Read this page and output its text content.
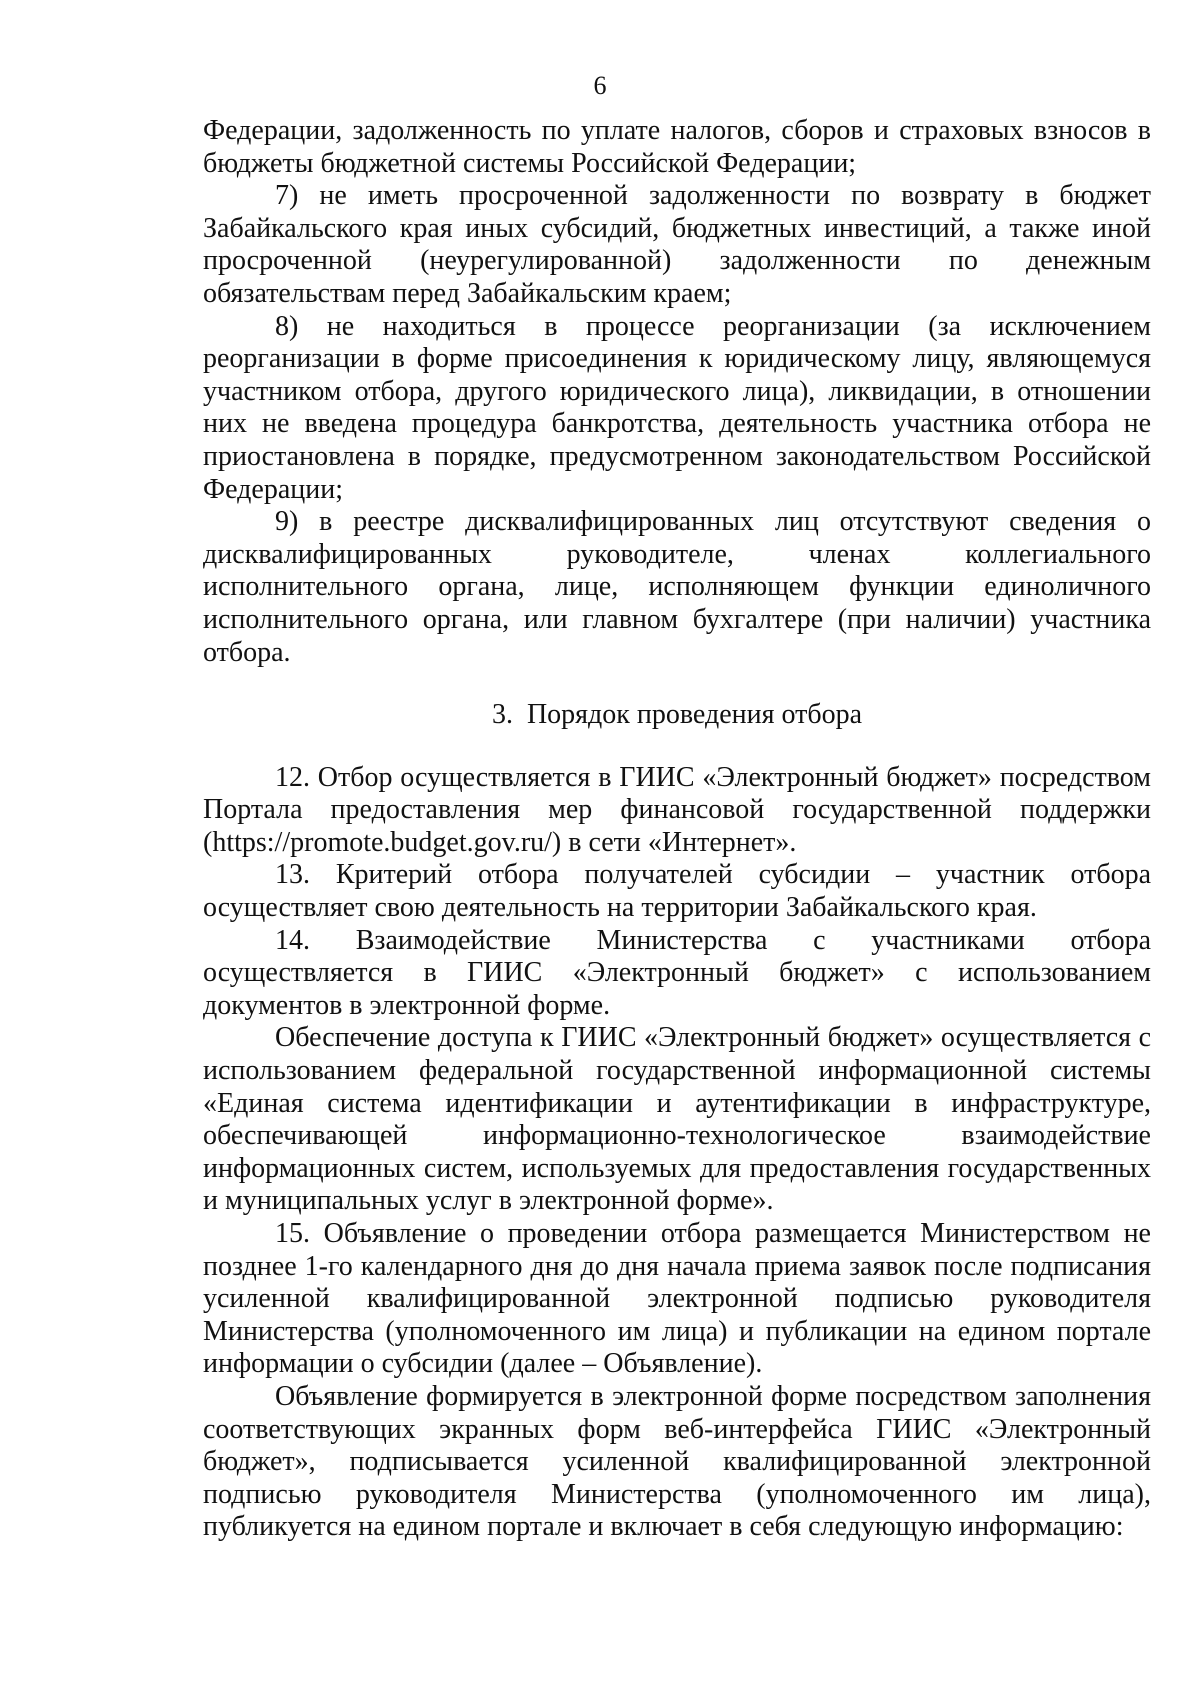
6

Федерации, задолженность по уплате налогов, сборов и страховых взносов в бюджеты бюджетной системы Российской Федерации;

7) не иметь просроченной задолженности по возврату в бюджет Забайкальского края иных субсидий, бюджетных инвестиций, а также иной просроченной (неурегулированной) задолженности по денежным обязательствам перед Забайкальским краем;

8) не находиться в процессе реорганизации (за исключением реорганизации в форме присоединения к юридическому лицу, являющемуся участником отбора, другого юридического лица), ликвидации, в отношении них не введена процедура банкротства, деятельность участника отбора не приостановлена в порядке, предусмотренном законодательством Российской Федерации;

9) в реестре дисквалифицированных лиц отсутствуют сведения о дисквалифицированных руководителе, членах коллегиального исполнительного органа, лице, исполняющем функции единоличного исполнительного органа, или главном бухгалтере (при наличии) участника отбора.

3. Порядок проведения отбора

12. Отбор осуществляется в ГИИС «Электронный бюджет» посредством Портала предоставления мер финансовой государственной поддержки (https://promote.budget.gov.ru/) в сети «Интернет».

13. Критерий отбора получателей субсидии – участник отбора осуществляет свою деятельность на территории Забайкальского края.

14. Взаимодействие Министерства с участниками отбора осуществляется в ГИИС «Электронный бюджет» с использованием документов в электронной форме.

Обеспечение доступа к ГИИС «Электронный бюджет» осуществляется с использованием федеральной государственной информационной системы «Единая система идентификации и аутентификации в инфраструктуре, обеспечивающей информационно-технологическое взаимодействие информационных систем, используемых для предоставления государственных и муниципальных услуг в электронной форме».

15. Объявление о проведении отбора размещается Министерством не позднее 1-го календарного дня до дня начала приема заявок после подписания усиленной квалифицированной электронной подписью руководителя Министерства (уполномоченного им лица) и публикации на едином портале информации о субсидии (далее – Объявление).

Объявление формируется в электронной форме посредством заполнения соответствующих экранных форм веб-интерфейса ГИИС «Электронный бюджет», подписывается усиленной квалифицированной электронной подписью руководителя Министерства (уполномоченного им лица), публикуется на едином портале и включает в себя следующую информацию:
